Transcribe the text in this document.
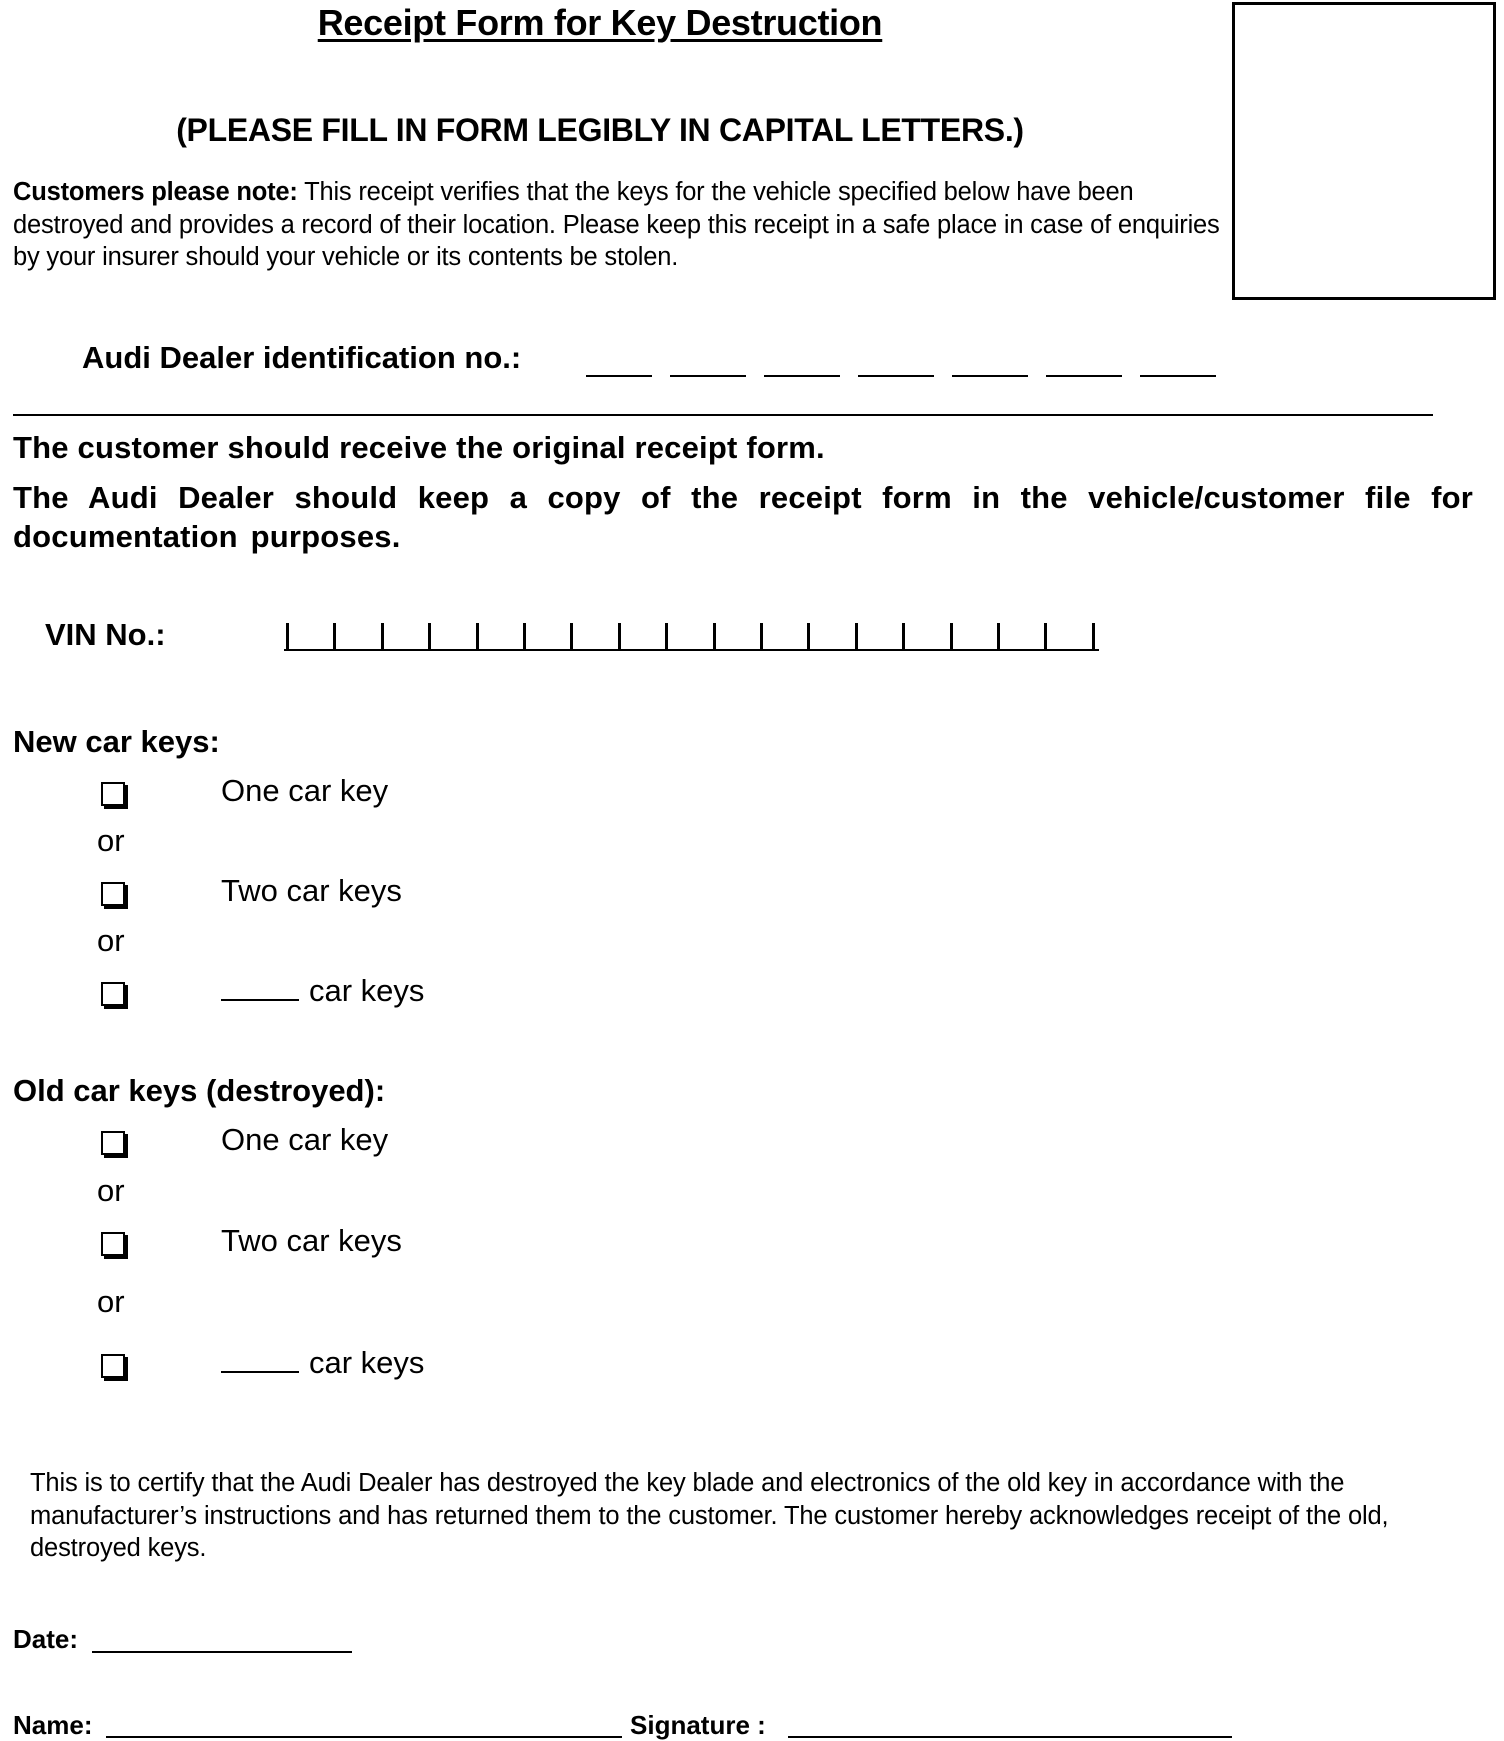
Receipt Form for Key Destruction
(PLEASE FILL IN FORM LEGIBLY IN CAPITAL LETTERS.)
Customers please note: This receipt verifies that the keys for the vehicle specified below have been destroyed and provides a record of their location. Please keep this receipt in a safe place in case of enquiries by your insurer should your vehicle or its contents be stolen.
Audi Dealer identification no.:
The customer should receive the original receipt form.
The Audi Dealer should keep a copy of the receipt form in the vehicle/customer file for documentation purposes.
VIN No.:
New car keys:
One car key
or
Two car keys
or
car keys
Old car keys (destroyed):
One car key
or
Two car keys
or
car keys
This is to certify that the Audi Dealer has destroyed the key blade and electronics of the old key in accordance with the manufacturer’s instructions and has returned them to the customer. The customer hereby acknowledges receipt of the old, destroyed keys.
Date:
Name:	Signature :
